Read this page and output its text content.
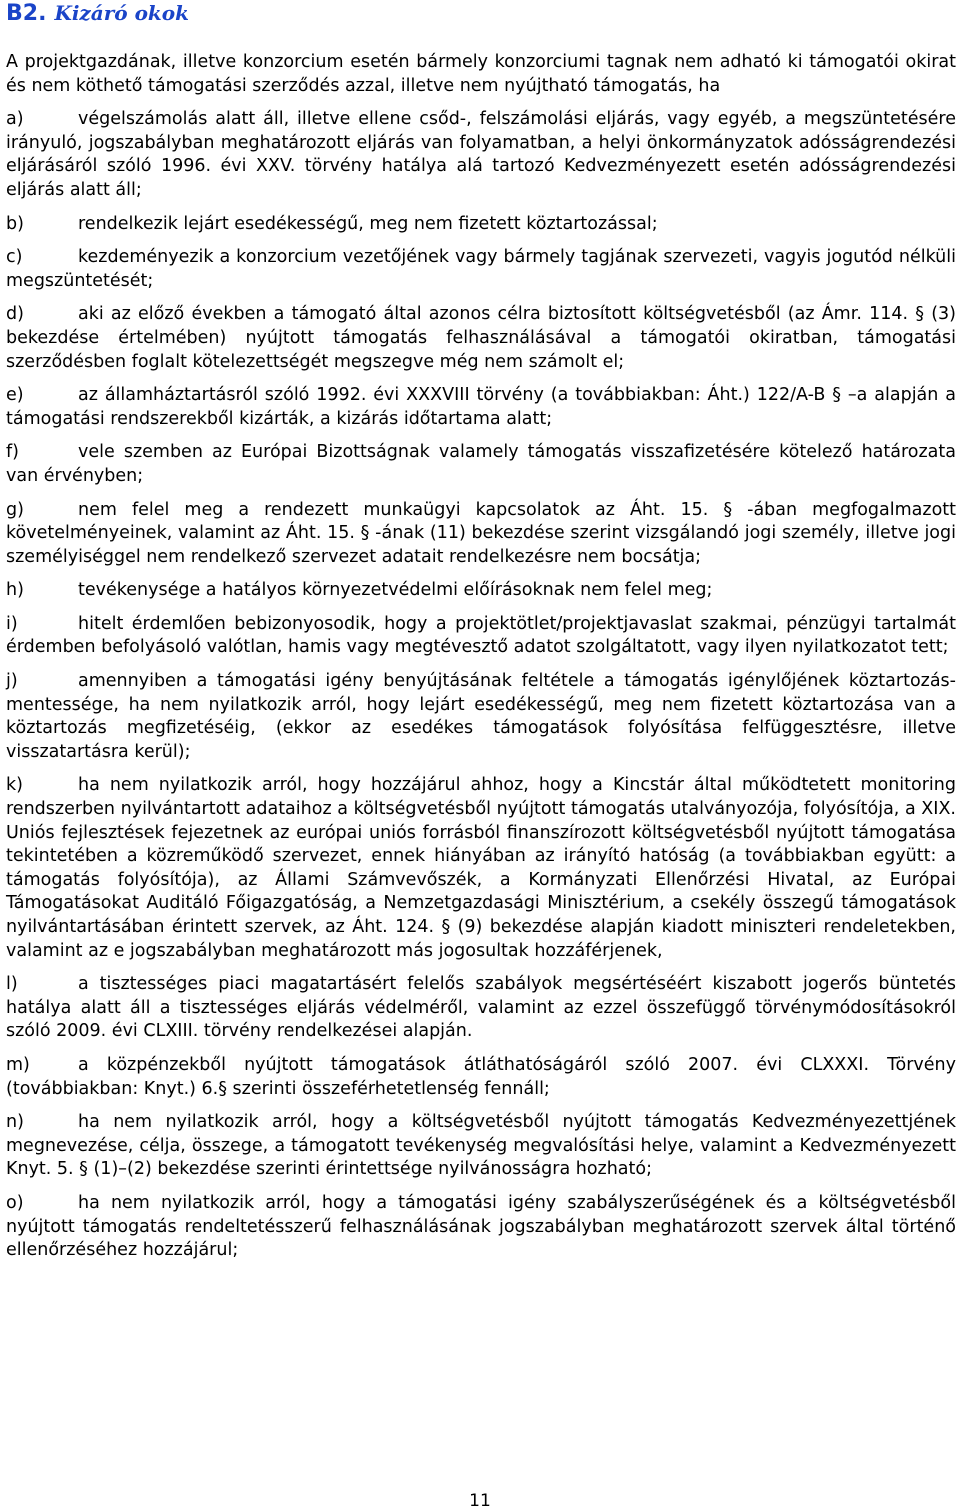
B2. Kizáró okok

A projektgazdának, illetve konzorcium esetén bármely konzorciumi tagnak nem adható ki támogatói okirat és nem köthető támogatási szerződés azzal, illetve nem nyújtható támogatás, ha

a)	végelszámolás alatt áll, illetve ellene csőd-, felszámolási eljárás, vagy egyéb, a megszüntetésére irányuló, jogszabályban meghatározott eljárás van folyamatban, a helyi önkormányzatok adósságrendezési eljárásáról szóló 1996. évi XXV. törvény hatálya alá tartozó Kedvezményezett esetén adósságrendezési eljárás alatt áll;

b)	rendelkezik lejárt esedékességű, meg nem fizetett köztartozással;

c)	kezdeményezik a konzorcium vezetőjének vagy bármely tagjának szervezeti, vagyis jogutód nélküli megszüntetését;

d)	aki az előző években a támogató által azonos célra biztosított költségvetésből (az Ámr. 114. § (3) bekezdése értelmében) nyújtott támogatás felhasználásával a támogatói okiratban, támogatási szerződésben foglalt kötelezettségét megszegve még nem számolt el;

e)	az államháztartásról szóló 1992. évi XXXVIII törvény (a továbbiakban: Áht.) 122/A-B § –a alapján a támogatási rendszerekből kizárták, a kizárás időtartama alatt;

f)	vele szemben az Európai Bizottságnak valamely támogatás visszafizetésére kötelező határozata van érvényben;

g)	nem felel meg a rendezett munkaügyi kapcsolatok az Áht. 15. § -ában megfogalmazott követelményeinek, valamint az Áht. 15. § -ának (11) bekezdése szerint vizsgálandó jogi személy, illetve jogi személyiséggel nem rendelkező szervezet adatait rendelkezésre nem bocsátja;

h)	tevékenysége a hatályos környezetvédelmi előírásoknak nem felel meg;

i)	hitelt érdemlően bebizonyosodik, hogy a projektötlet/projektjavaslat szakmai, pénzügyi tartalmát érdemben befolyásoló valótlan, hamis vagy megtévesztő adatot szolgáltatott, vagy ilyen nyilatkozatot tett;

j)	amennyiben a támogatási igény benyújtásának feltétele a támogatás igénylőjének köztartozás-mentessége, ha nem nyilatkozik arról, hogy lejárt esedékességű, meg nem fizetett köztartozása van a köztartozás megfizetéséig, (ekkor az esedékes támogatások folyósítása felfüggesztésre, illetve visszatartásra kerül);

k)	ha nem nyilatkozik arról, hogy hozzájárul ahhoz, hogy a Kincstár által működtetett monitoring rendszerben nyilvántartott adataihoz a költségvetésből nyújtott támogatás utalványozója, folyósítója, a XIX. Uniós fejlesztések fejezetnek az európai uniós forrásból finanszírozott költségvetésből nyújtott támogatása tekintetében a közreműködő szervezet, ennek hiányában az irányító hatóság (a továbbiakban együtt: a támogatás folyósítója), az Állami Számvevőszék, a Kormányzati Ellenőrzési Hivatal, az Európai Támogatásokat Auditáló Főigazgatóság, a Nemzetgazdasági Minisztérium, a csekély összegű támogatások nyilvántartásában érintett szervek, az Áht. 124. § (9) bekezdése alapján kiadott miniszteri rendeletekben, valamint az e jogszabályban meghatározott más jogosultak hozzáférjenek,

l)	a tisztességes piaci magatartásért felelős szabályok megsértéséért kiszabott jogerős büntetés hatálya alatt áll a tisztességes eljárás védelméről, valamint az ezzel összefüggő törvénymódosításokról szóló 2009. évi CLXIII. törvény rendelkezései alapján.

m)	a közpénzekből nyújtott támogatások átláthatóságáról szóló 2007. évi CLXXXI. Törvény (továbbiakban: Knyt.) 6.§ szerinti összeférhetetlenség fennáll;

n)	ha nem nyilatkozik arról, hogy a költségvetésből nyújtott támogatás Kedvezményezettjének megnevezése, célja, összege, a támogatott tevékenység megvalósítási helye, valamint a Kedvezményezett Knyt. 5. § (1)–(2) bekezdése szerinti érintettsége nyilvánosságra hozható;

o)	ha nem nyilatkozik arról, hogy a támogatási igény szabályszerűségének és a költségvetésből nyújtott támogatás rendeltetésszerű felhasználásának jogszabályban meghatározott szervek által történő ellenőrzéséhez hozzájárul;

11
